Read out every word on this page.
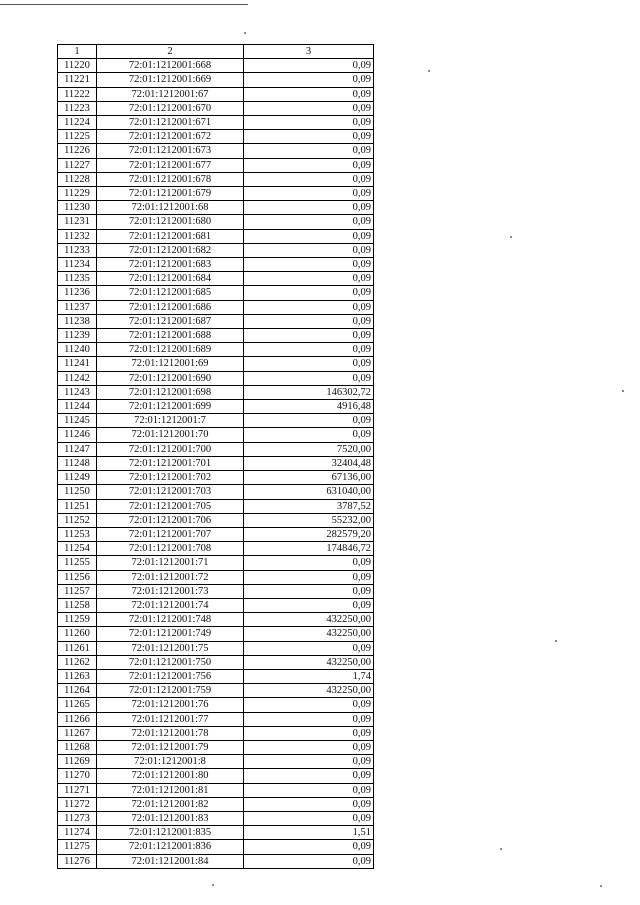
1	2	3
11220	72:01:1212001:668	0,09
11221	72:01:1212001:669	0,09
11222	72:01:1212001:67	0,09
11223	72:01:1212001:670	0,09
11224	72:01:1212001:671	0,09
11225	72:01:1212001:672	0,09
11226	72:01:1212001:673	0,09
11227	72:01:1212001:677	0,09
11228	72:01:1212001:678	0,09
11229	72:01:1212001:679	0,09
11230	72:01:1212001:68	0,09
11231	72:01:1212001:680	0,09
11232	72:01:1212001:681	0,09
11233	72:01:1212001:682	0,09
11234	72:01:1212001:683	0,09
11235	72:01:1212001:684	0,09
11236	72:01:1212001:685	0,09
11237	72:01:1212001:686	0,09
11238	72:01:1212001:687	0,09
11239	72:01:1212001:688	0,09
11240	72:01:1212001:689	0,09
11241	72:01:1212001:69	0,09
11242	72:01:1212001:690	0,09
11243	72:01:1212001:698	146302,72
11244	72:01:1212001:699	4916,48
11245	72:01:1212001:7	0,09
11246	72:01:1212001:70	0,09
11247	72:01:1212001:700	7520,00
11248	72:01:1212001:701	32404,48
11249	72:01:1212001:702	67136,00
11250	72:01:1212001:703	631040,00
11251	72:01:1212001:705	3787,52
11252	72:01:1212001:706	55232,00
11253	72:01:1212001:707	282579,20
11254	72:01:1212001:708	174846,72
11255	72:01:1212001:71	0,09
11256	72:01:1212001:72	0,09
11257	72:01:1212001:73	0,09
11258	72:01:1212001:74	0,09
11259	72:01:1212001:748	432250,00
11260	72:01:1212001:749	432250,00
11261	72:01:1212001:75	0,09
11262	72:01:1212001:750	432250,00
11263	72:01:1212001:756	1,74
11264	72:01:1212001:759	432250,00
11265	72:01:1212001:76	0,09
11266	72:01:1212001:77	0,09
11267	72:01:1212001:78	0,09
11268	72:01:1212001:79	0,09
11269	72:01:1212001:8	0,09
11270	72:01:1212001:80	0,09
11271	72:01:1212001:81	0,09
11272	72:01:1212001:82	0,09
11273	72:01:1212001:83	0,09
11274	72:01:1212001:835	1,51
11275	72:01:1212001:836	0,09
11276	72:01:1212001:84	0,09
